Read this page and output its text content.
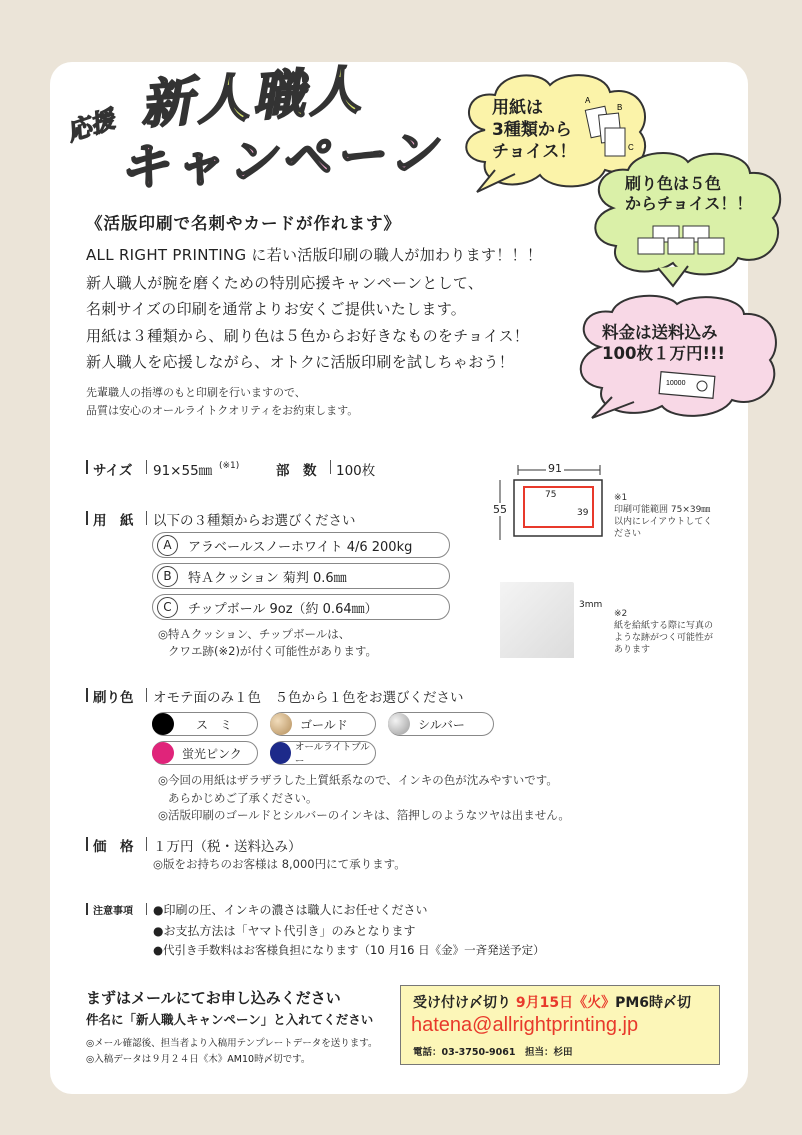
応援 新人職人
キャンペーン
A
B
C
用紙は
3種類から
チョイス！
刷り色は５色
からチョイス！！
10000
料金は送料込み
100枚１万円!!!
《活版印刷で名刺やカードが作れます》
ALL RIGHT PRINTING に若い活版印刷の職人が加わります！！！
新人職人が腕を磨くための特別応援キャンペーンとして、
名刺サイズの印刷を通常よりお安くご提供いたします。
用紙は３種類から、刷り色は５色からお好きなものをチョイス！
新人職人を応援しながら、オトクに活版印刷を試しちゃおう！
先輩職人の指導のもと印刷を行いますので、
品質は安心のオールライトクオリティをお約束します。
サイズ 91×55㎜ (※1)	部　数 100枚	91
55
75
39
※1
印刷可能範囲 75×39㎜
以内にレイアウトしてく
ださい
用　紙 以下の３種類からお選びください
A	アラベールスノーホワイト 4/6 200kg
B	特Ａクッション 菊判 0.6㎜
C	チップボール 9oz（約 0.64㎜）
◎特Ａクッション、チップボールは、
クワエ跡(※2)が付く可能性があります。
3mm
※2
紙を給紙する際に写真の
ような跡がつく可能性が
あります
刷り色 オモテ面のみ１色　５色から１色をお選びください
ス　ミ	ゴールド	シルバー
蛍光ピンク	オールライトブルー
◎今回の用紙はザラザラした上質紙系なので、インキの色が沈みやすいです。
あらかじめご了承ください。
◎活版印刷のゴールドとシルバーのインキは、箔押しのようなツヤは出ません。
価　格 １万円（税・送料込み）
◎版をお持ちのお客様は 8,000円にて承ります。
注意事項 ●印刷の圧、インキの濃さは職人にお任せください
●お支払方法は「ヤマト代引き」のみとなります
●代引き手数料はお客様負担になります（10 月16 日《金》一斉発送予定）
まずはメールにてお申し込みください
件名に「新人職人キャンペーン」と入れてください
◎メール確認後、担当者より入稿用テンプレートデータを送ります。
◎入稿データは９月２４日《木》AM10時〆切です。
受け付け〆切り 9月15日《火》PM6時〆切
hatena@allrightprinting.jp
電話：03-3750-9061　担当：杉田
